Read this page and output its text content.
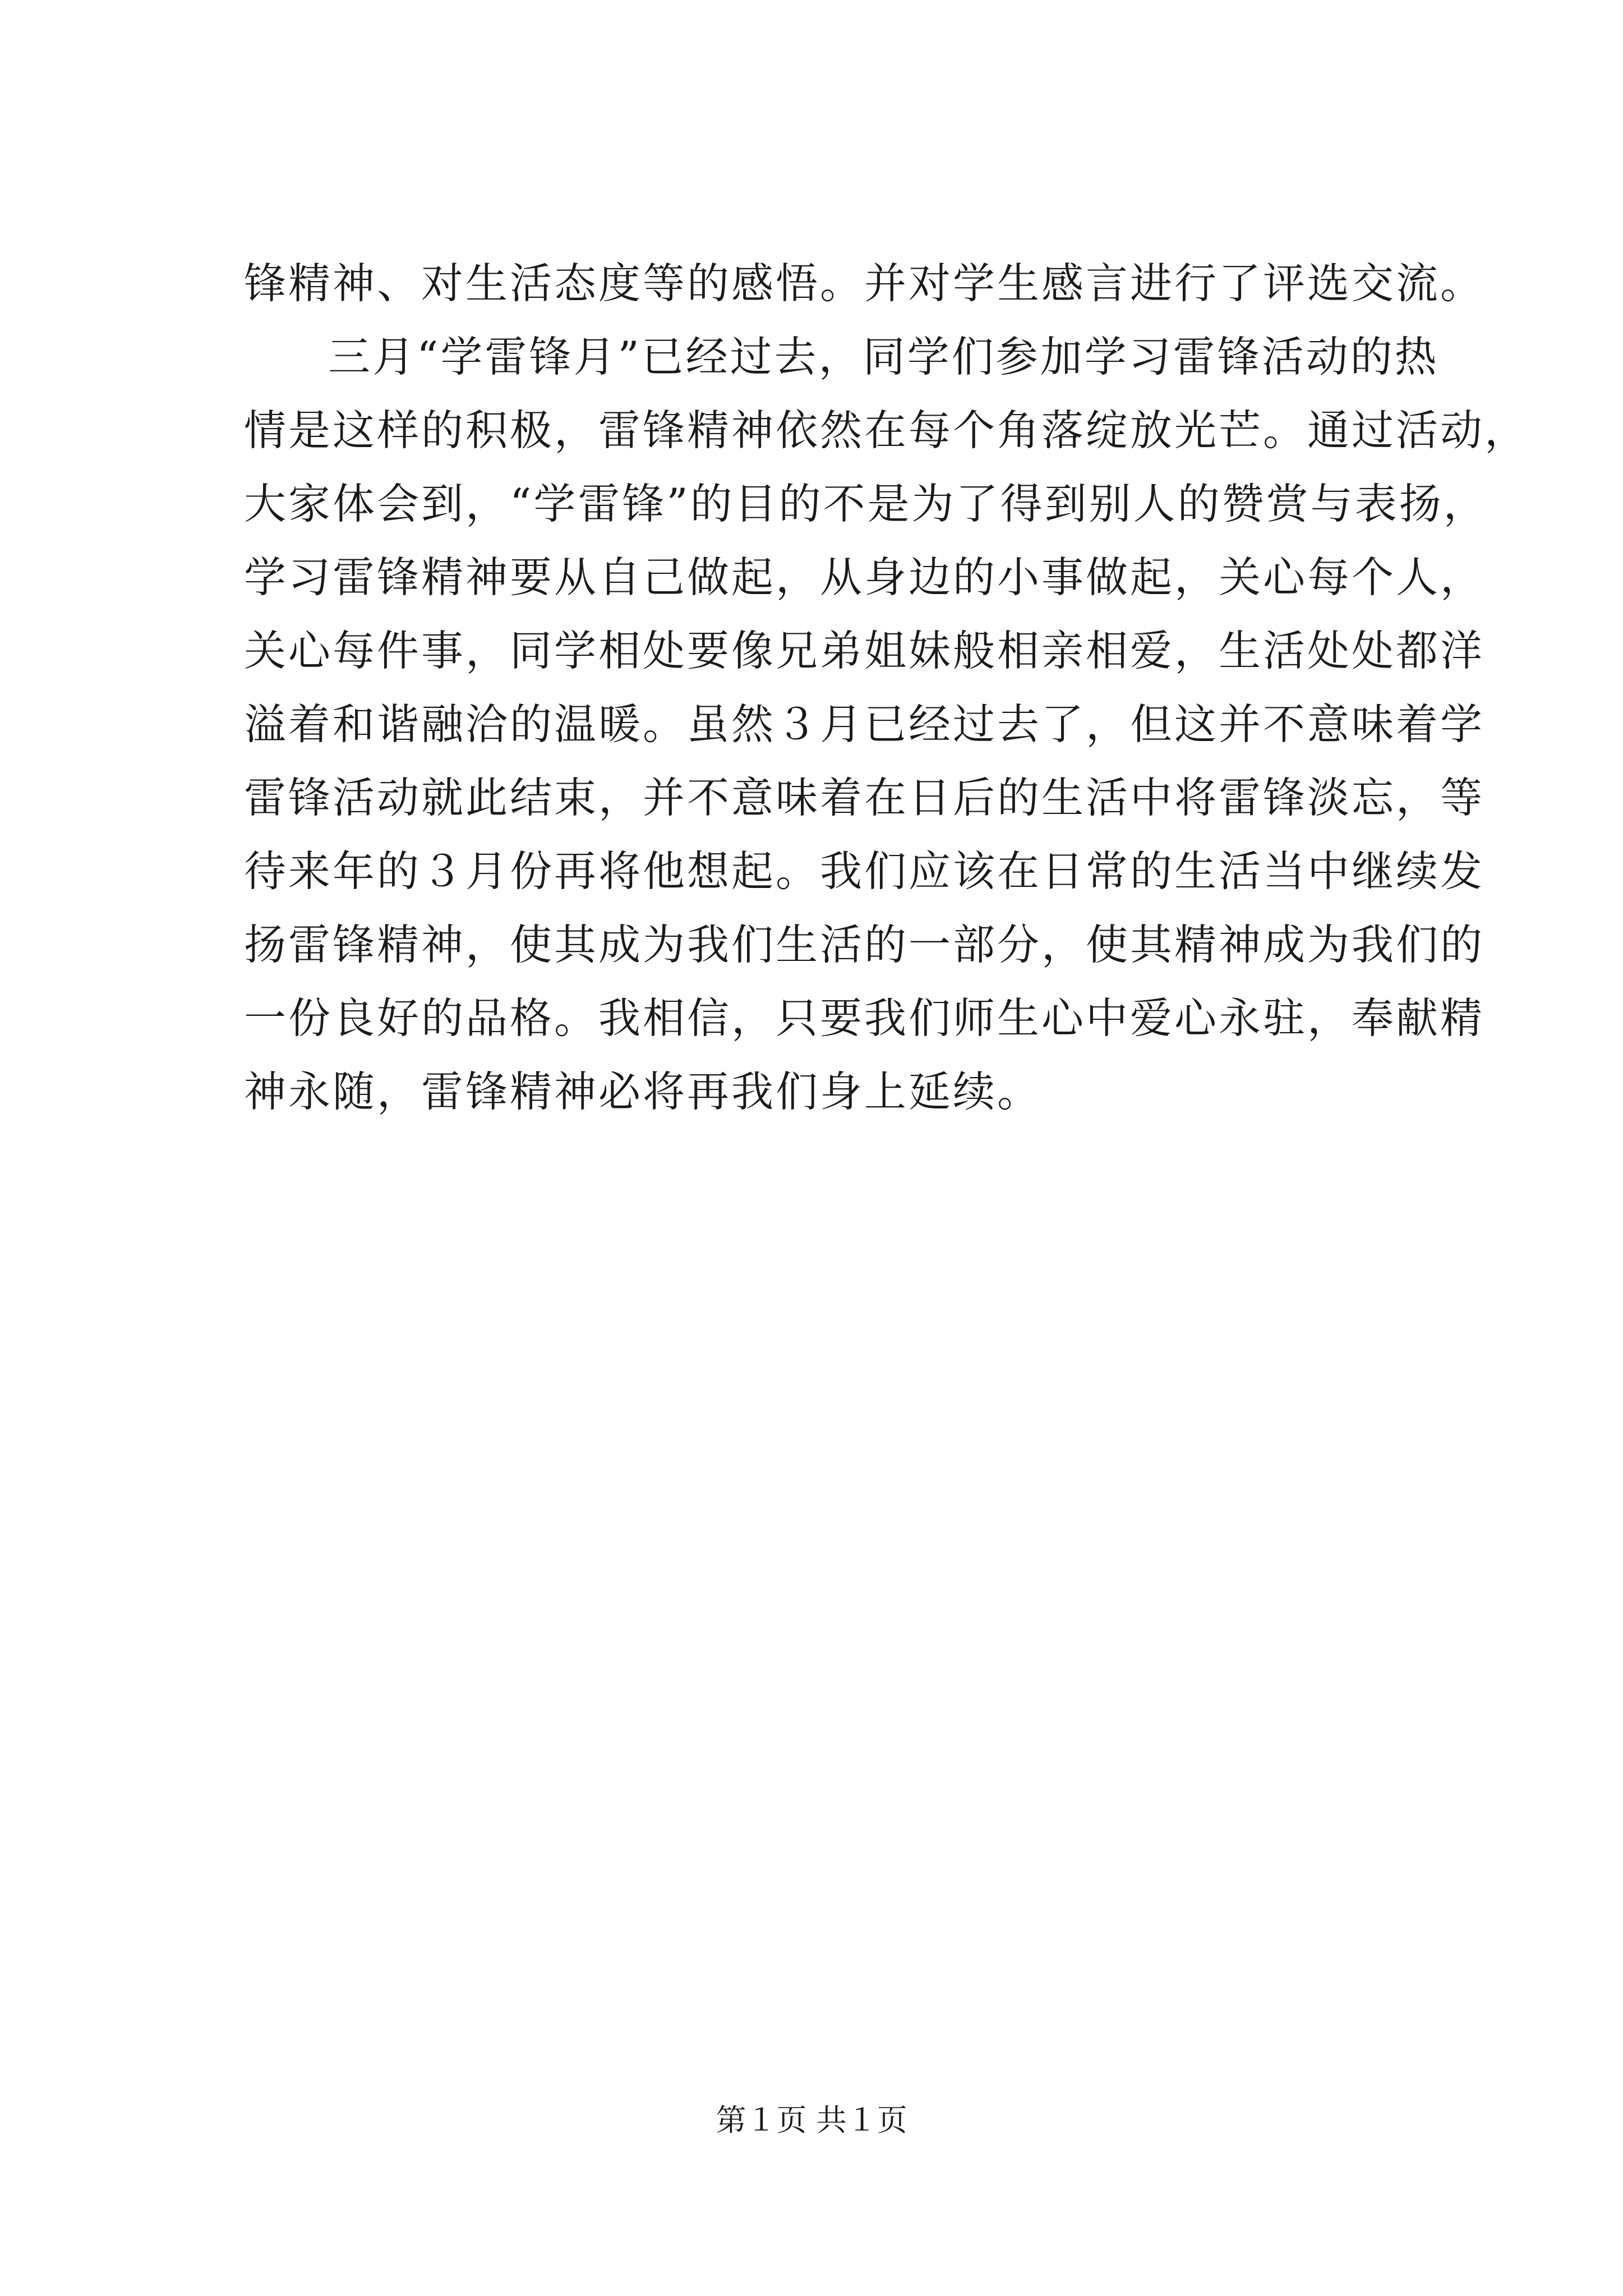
锋精神、对生活态度等的感悟。并对学生感言进行了评选交流。
三月“学雷锋月”已经过去，同学们参加学习雷锋活动的热
情是这样的积极，雷锋精神依然在每个角落绽放光芒。通过活动，
大家体会到，“学雷锋”的目的不是为了得到别人的赞赏与表扬，
学习雷锋精神要从自己做起，从身边的小事做起，关心每个人，
关心每件事，同学相处要像兄弟姐妹般相亲相爱，生活处处都洋
溢着和谐融洽的温暖。虽然３月已经过去了，但这并不意味着学
雷锋活动就此结束，并不意味着在日后的生活中将雷锋淡忘，等
待来年的３月份再将他想起。我们应该在日常的生活当中继续发
扬雷锋精神，使其成为我们生活的一部分，使其精神成为我们的
一份良好的品格。我相信，只要我们师生心中爱心永驻，奉献精
神永随，雷锋精神必将再我们身上延续。
第１页 共１页
